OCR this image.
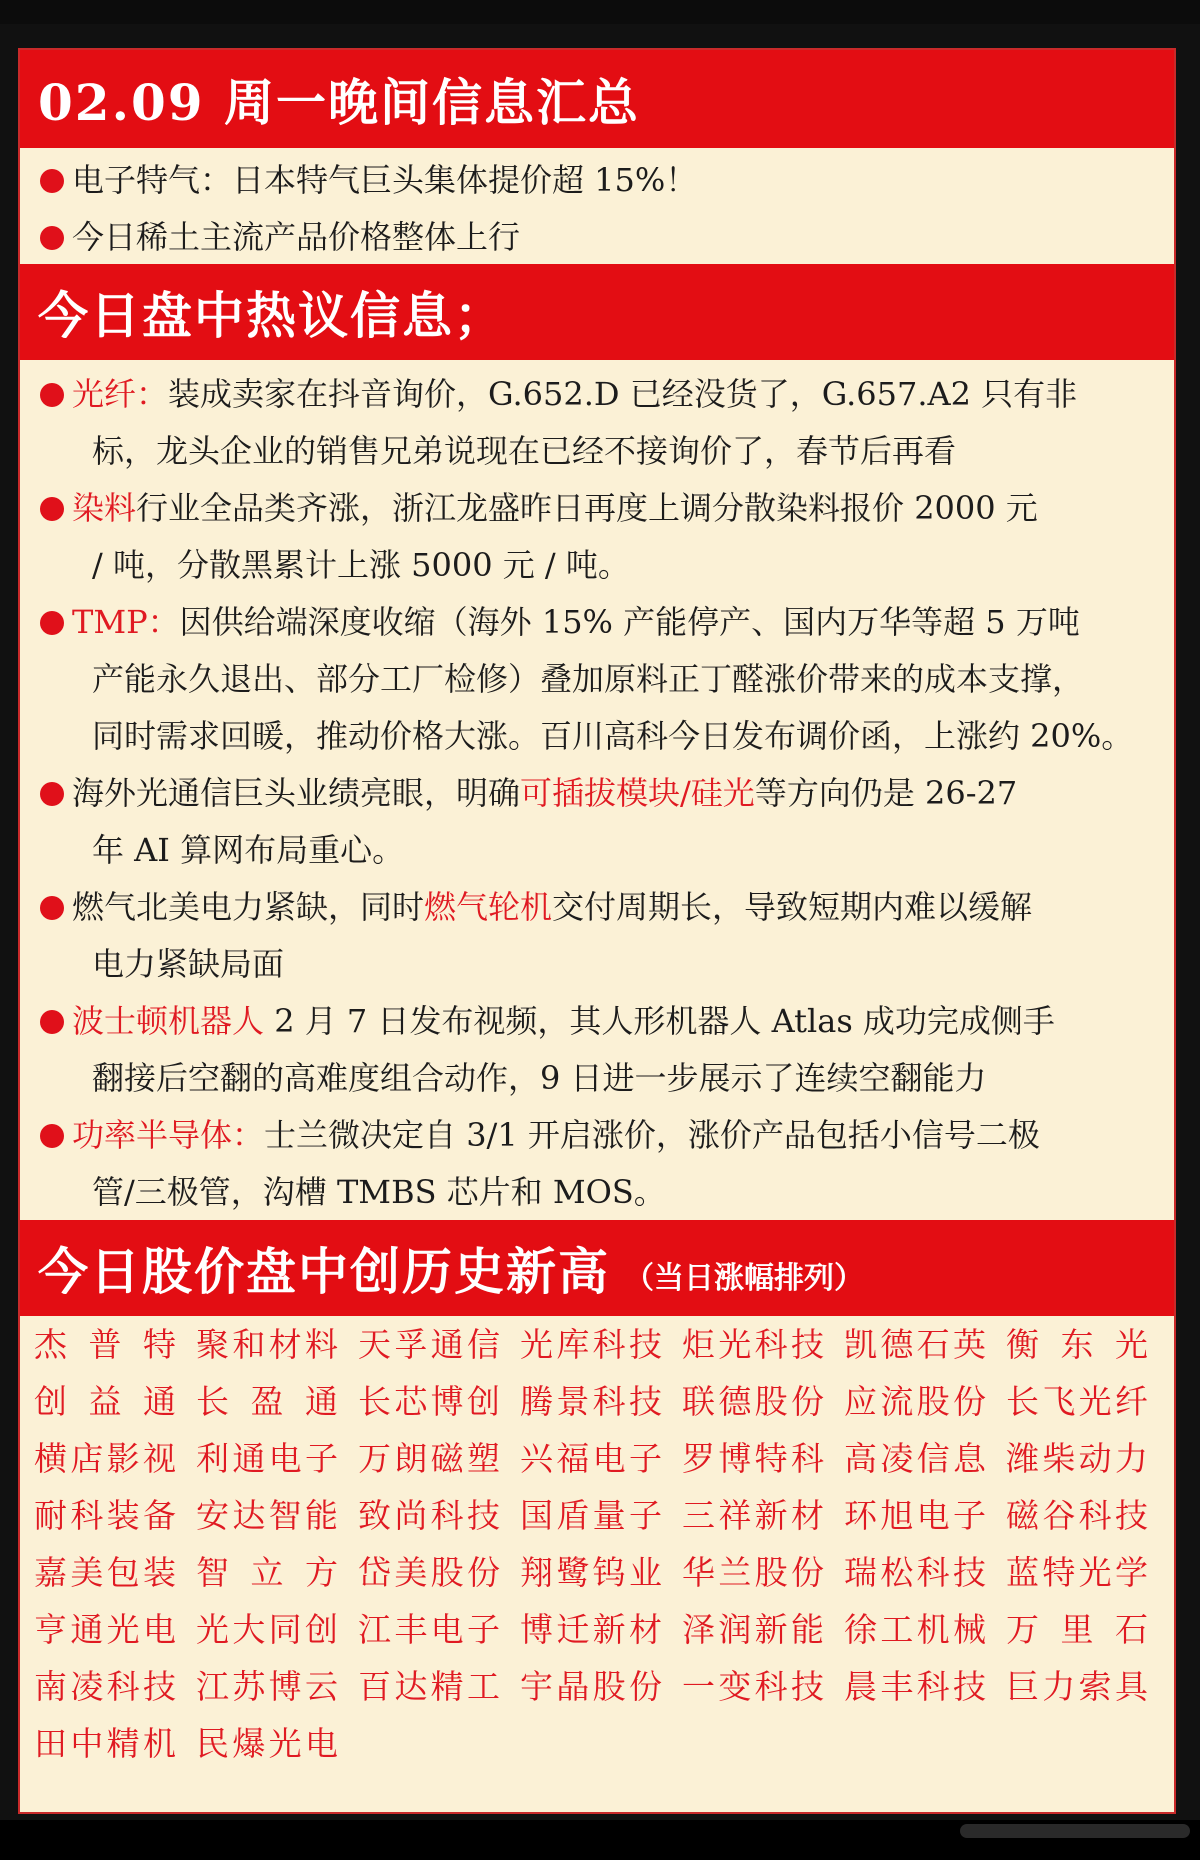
02.09 周一晚间信息汇总
电子特气：日本特气巨头集体提价超 15%！
今日稀土主流产品价格整体上行
今日盘中热议信息；
光纤：装成卖家在抖音询价，G.652.D 已经没货了，G.657.A2 只有非
标，龙头企业的销售兄弟说现在已经不接询价了，春节后再看
染料行业全品类齐涨，浙江龙盛昨日再度上调分散染料报价 2000 元
/ 吨，分散黑累计上涨 5000 元 / 吨。
TMP：因供给端深度收缩（海外 15% 产能停产、国内万华等超 5 万吨
产能永久退出、部分工厂检修）叠加原料正丁醛涨价带来的成本支撑，
同时需求回暖，推动价格大涨。百川高科今日发布调价函，上涨约 20%。
海外光通信巨头业绩亮眼，明确可插拔模块/硅光等方向仍是 26-27
年 AI 算网布局重心。
燃气北美电力紧缺，同时燃气轮机交付周期长，导致短期内难以缓解
电力紧缺局面
波士顿机器人 2 月 7 日发布视频，其人形机器人 Atlas 成功完成侧手
翻接后空翻的高难度组合动作，9 日进一步展示了连续空翻能力
功率半导体：士兰微决定自 3/1 开启涨价，涨价产品包括小信号二极
管/三极管，沟槽 TMBS 芯片和 MOS。
今日股价盘中创历史新高 （当日涨幅排列）
杰普特 聚和材料 天孚通信 光库科技 炬光科技 凯德石英 衡东光
创益通 长盈通 长芯博创 腾景科技 联德股份 应流股份 长飞光纤
横店影视 利通电子 万朗磁塑 兴福电子 罗博特科 高凌信息 潍柴动力
耐科装备 安达智能 致尚科技 国盾量子 三祥新材 环旭电子 磁谷科技
嘉美包装 智立方 岱美股份 翔鹭钨业 华兰股份 瑞松科技 蓝特光学
亨通光电 光大同创 江丰电子 博迁新材 泽润新能 徐工机械 万里石
南凌科技 江苏博云 百达精工 宇晶股份 一变科技 晨丰科技 巨力索具
田中精机 民爆光电
